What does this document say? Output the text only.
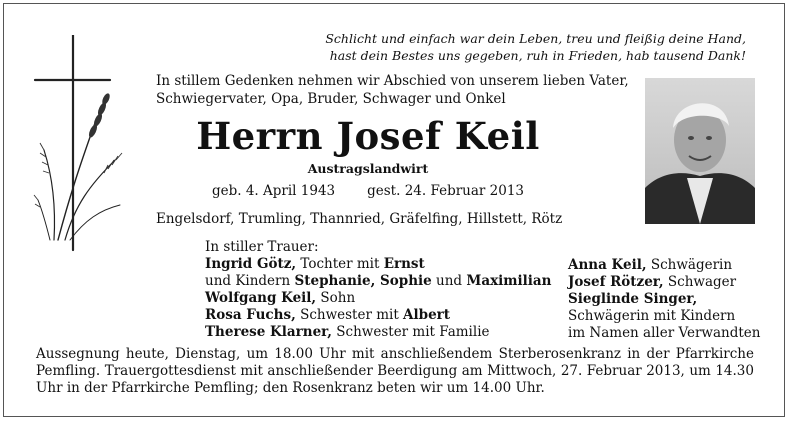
Schlicht und einfach war dein Leben, treu und fleißig deine Hand,
hast dein Bestes uns gegeben, ruh in Frieden, hab tausend Dank!
In stillem Gedenken nehmen wir Abschied von unserem lieben Vater,
Schwiegervater, Opa, Bruder, Schwager und Onkel
Herrn Josef Keil
Austragslandwirt
geb. 4. April 1943 gest. 24. Februar 2013
Engelsdorf, Trumling, Thannried, Gräfelfing, Hillstett, Rötz
In stiller Trauer:
Ingrid Götz, Tochter mit Ernst
und Kindern Stephanie, Sophie und Maximilian
Wolfgang Keil, Sohn
Rosa Fuchs, Schwester mit Albert
Therese Klarner, Schwester mit Familie
Anna Keil, Schwägerin
Josef Rötzer, Schwager
Sieglinde Singer,
Schwägerin mit Kindern
im Namen aller Verwandten
Aussegnung heute, Dienstag, um 18.00 Uhr mit anschließendem Sterberosenkranz in der Pfarrkirche Pemfling. Trauergottesdienst mit anschließender Beerdigung am Mittwoch, 27. Februar 2013, um 14.30 Uhr in der Pfarrkirche Pemfling; den Rosenkranz beten wir um 14.00 Uhr.
